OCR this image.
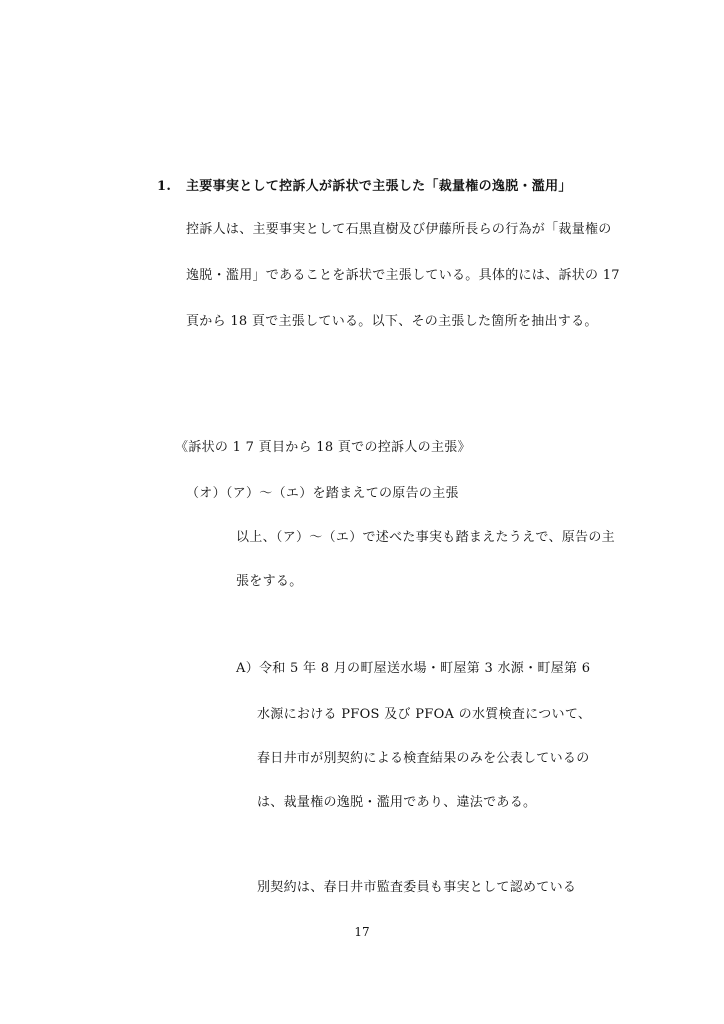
1. 主要事実として控訴人が訴状で主張した「裁量権の逸脱・濫用」
控訴人は、主要事実として石黒直樹及び伊藤所長らの行為が「裁量権の
逸脱・濫用」であることを訴状で主張している。具体的には、訴状の 17
頁から 18 頁で主張している。以下、その主張した箇所を抽出する。
《訴状の 1 7 頁目から 18 頁での控訴人の主張》
（オ）（ア）～（エ）を踏まえての原告の主張
以上、（ア）～（エ）で述べた事実も踏まえたうえで、原告の主
張をする。
A）令和 5 年 8 月の町屋送水場・町屋第 3 水源・町屋第 6
水源における PFOS 及び PFOA の水質検査について、
春日井市が別契約による検査結果のみを公表しているの
は、裁量権の逸脱・濫用であり、違法である。
別契約は、春日井市監査委員も事実として認めている
17
